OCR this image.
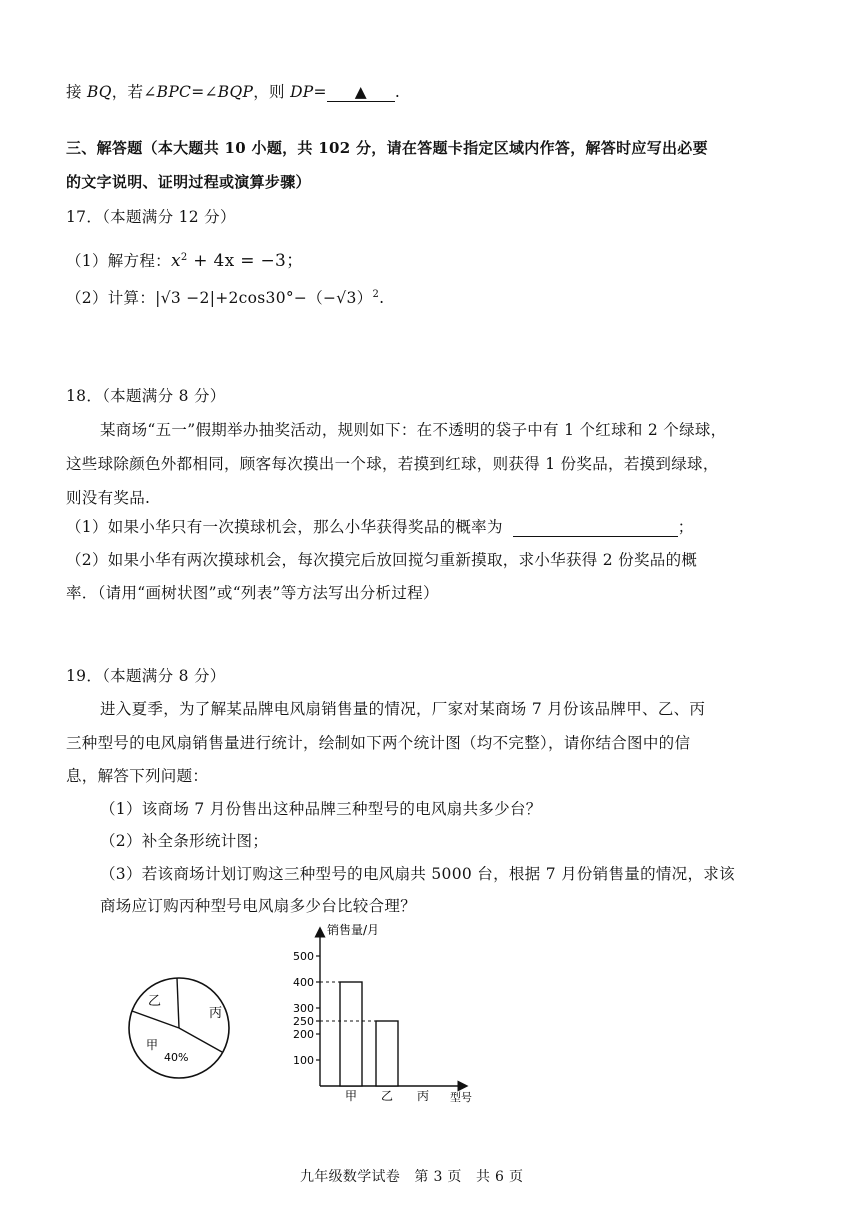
接 BQ，若∠BPC=∠BQP，则 DP= ▲ .
三、解答题（本大题共 10 小题，共 102 分，请在答题卡指定区域内作答，解答时应写出必要
的文字说明、证明过程或演算步骤）
17．（本题满分 12 分）
（1）解方程：$x^2 + 4x = -3$；
（2）计算：$|√3 -2|+2\cos 30^\circ-(-√3)^2$.
18．（本题满分 8 分）
某商场“五一”假期举办抽奖活动，规则如下：在不透明的袋子中有 1 个红球和 2 个绿球，
这些球除颜色外都相同，顾客每次摸出一个球，若摸到红球，则获得 1 份奖品，若摸到绿球，
则没有奖品.
（1）如果小华只有一次摸球机会，那么小华获得奖品的概率为	；
（2）如果小华有两次摸球机会，每次摸完后放回搅匀重新摸取，求小华获得 2 份奖品的概
率．（请用“画树状图”或“列表”等方法写出分析过程）
19．（本题满分 8 分）
进入夏季，为了解某品牌电风扇销售量的情况，厂家对某商场 7 月份该品牌甲、乙、丙
三种型号的电风扇销售量进行统计，绘制如下两个统计图（均不完整），请你结合图中的信
息，解答下列问题：
（1）该商场 7 月份售出这种品牌三种型号的电风扇共多少台？
（2）补全条形统计图；
（3）若该商场计划订购这三种型号的电风扇共 5000 台，根据 7 月份销售量的情况，求该
商场应订购丙种型号电风扇多少台比较合理？
乙
丙
甲
40%
销售量/月
型号
500
400
300
250
200
100
甲 乙 丙
九年级数学试卷　第 3 页　共 6 页
